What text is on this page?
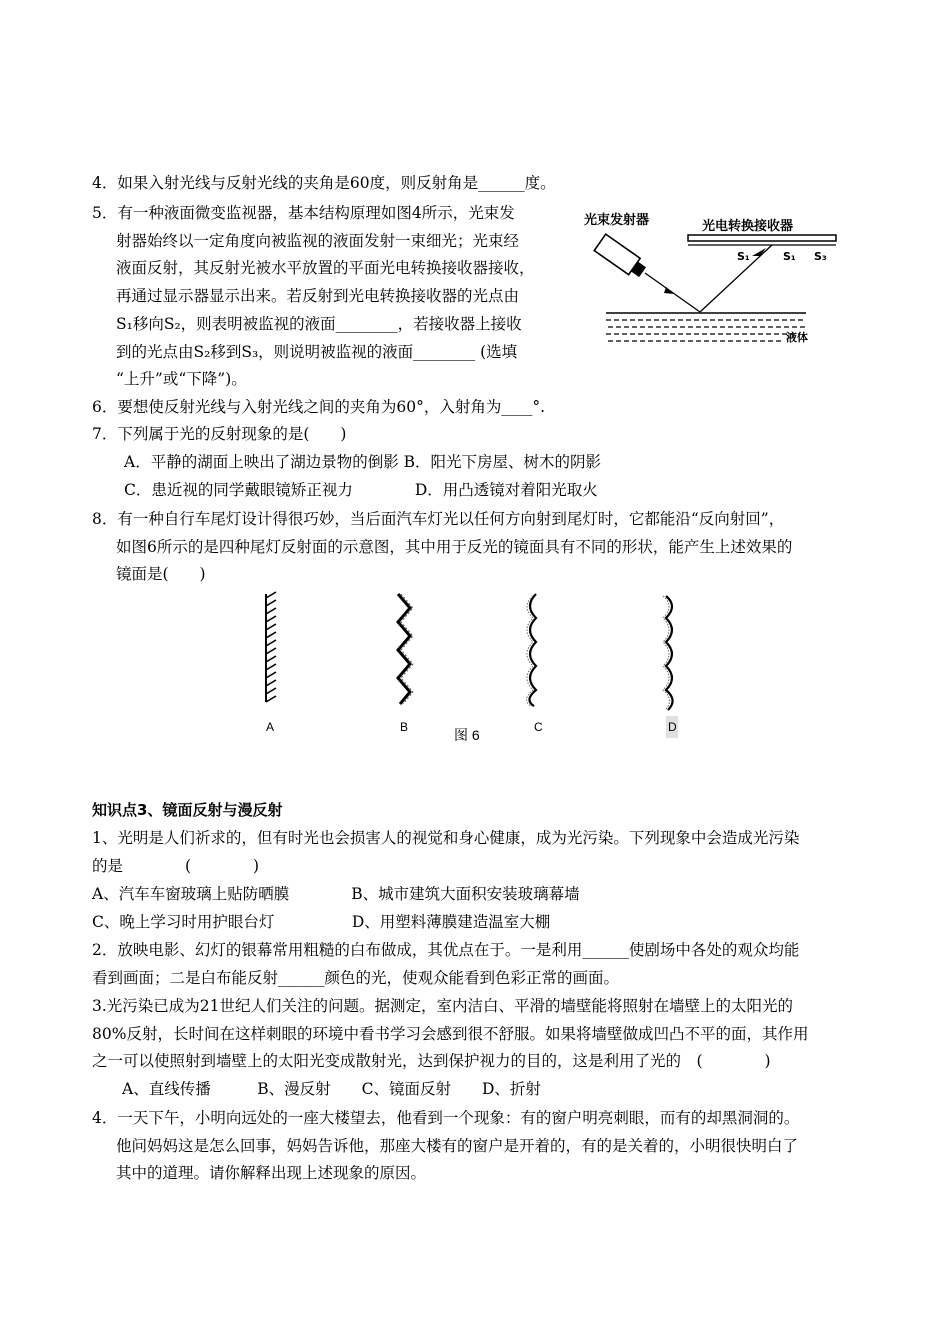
4．如果入射光线与反射光线的夹角是60度，则反射角是______度。
5．有一种液面微变监视器，基本结构原理如图4所示，光束发
射器始终以一定角度向被监视的液面发射一束细光；光束经
液面反射，其反射光被水平放置的平面光电转换接收器接收，
再通过显示器显示出来。若反射到光电转换接收器的光点由
S₁移向S₂，则表明被监视的液面________，若接收器上接收
到的光点由S₂移到S₃，则说明被监视的液面________ (选填
“上升”或“下降”)。
光束发射器	光电转换接收器
S₁	S₁ S₃
液体
6．要想使反射光线与入射光线之间的夹角为60°，入射角为____°.
7．下列属于光的反射现象的是(　　)
A．平静的湖面上映出了湖边景物的倒影 B．阳光下房屋、树木的阴影
C．患近视的同学戴眼镜矫正视力　　　　D．用凸透镜对着阳光取火
8．有一种自行车尾灯设计得很巧妙，当后面汽车灯光以任何方向射到尾灯时，它都能沿“反向射回”，
如图6所示的是四种尾灯反射面的示意图，其中用于反光的镜面具有不同的形状，能产生上述效果的
镜面是(　　)
A	B	图 6	C	D
知识点3、镜面反射与漫反射
1、光明是人们祈求的，但有时光也会损害人的视觉和身心健康，成为光污染。下列现象中会造成光污染
的是　　　　(　　　　)
A、汽车车窗玻璃上贴防晒膜　　　　B、城市建筑大面积安装玻璃幕墙
C、晚上学习时用护眼台灯　　　　　D、用塑料薄膜建造温室大棚
2．放映电影、幻灯的银幕常用粗糙的白布做成，其优点在于。一是利用______使剧场中各处的观众均能
看到画面；二是白布能反射______颜色的光，使观众能看到色彩正常的画面。
3.光污染已成为21世纪人们关注的问题。据测定，室内洁白、平滑的墙壁能将照射在墙壁上的太阳光的
80%反射，长时间在这样刺眼的环境中看书学习会感到很不舒服。如果将墙壁做成凹凸不平的面，其作用
之一可以使照射到墙壁上的太阳光变成散射光，达到保护视力的目的，这是利用了光的　(　　　　)
A、直线传播　　　B、漫反射　　C、镜面反射　　D、折射
4．一天下午，小明向远处的一座大楼望去，他看到一个现象：有的窗户明亮刺眼，而有的却黑洞洞的。
他问妈妈这是怎么回事，妈妈告诉他，那座大楼有的窗户是开着的，有的是关着的，小明很快明白了
其中的道理。请你解释出现上述现象的原因。
